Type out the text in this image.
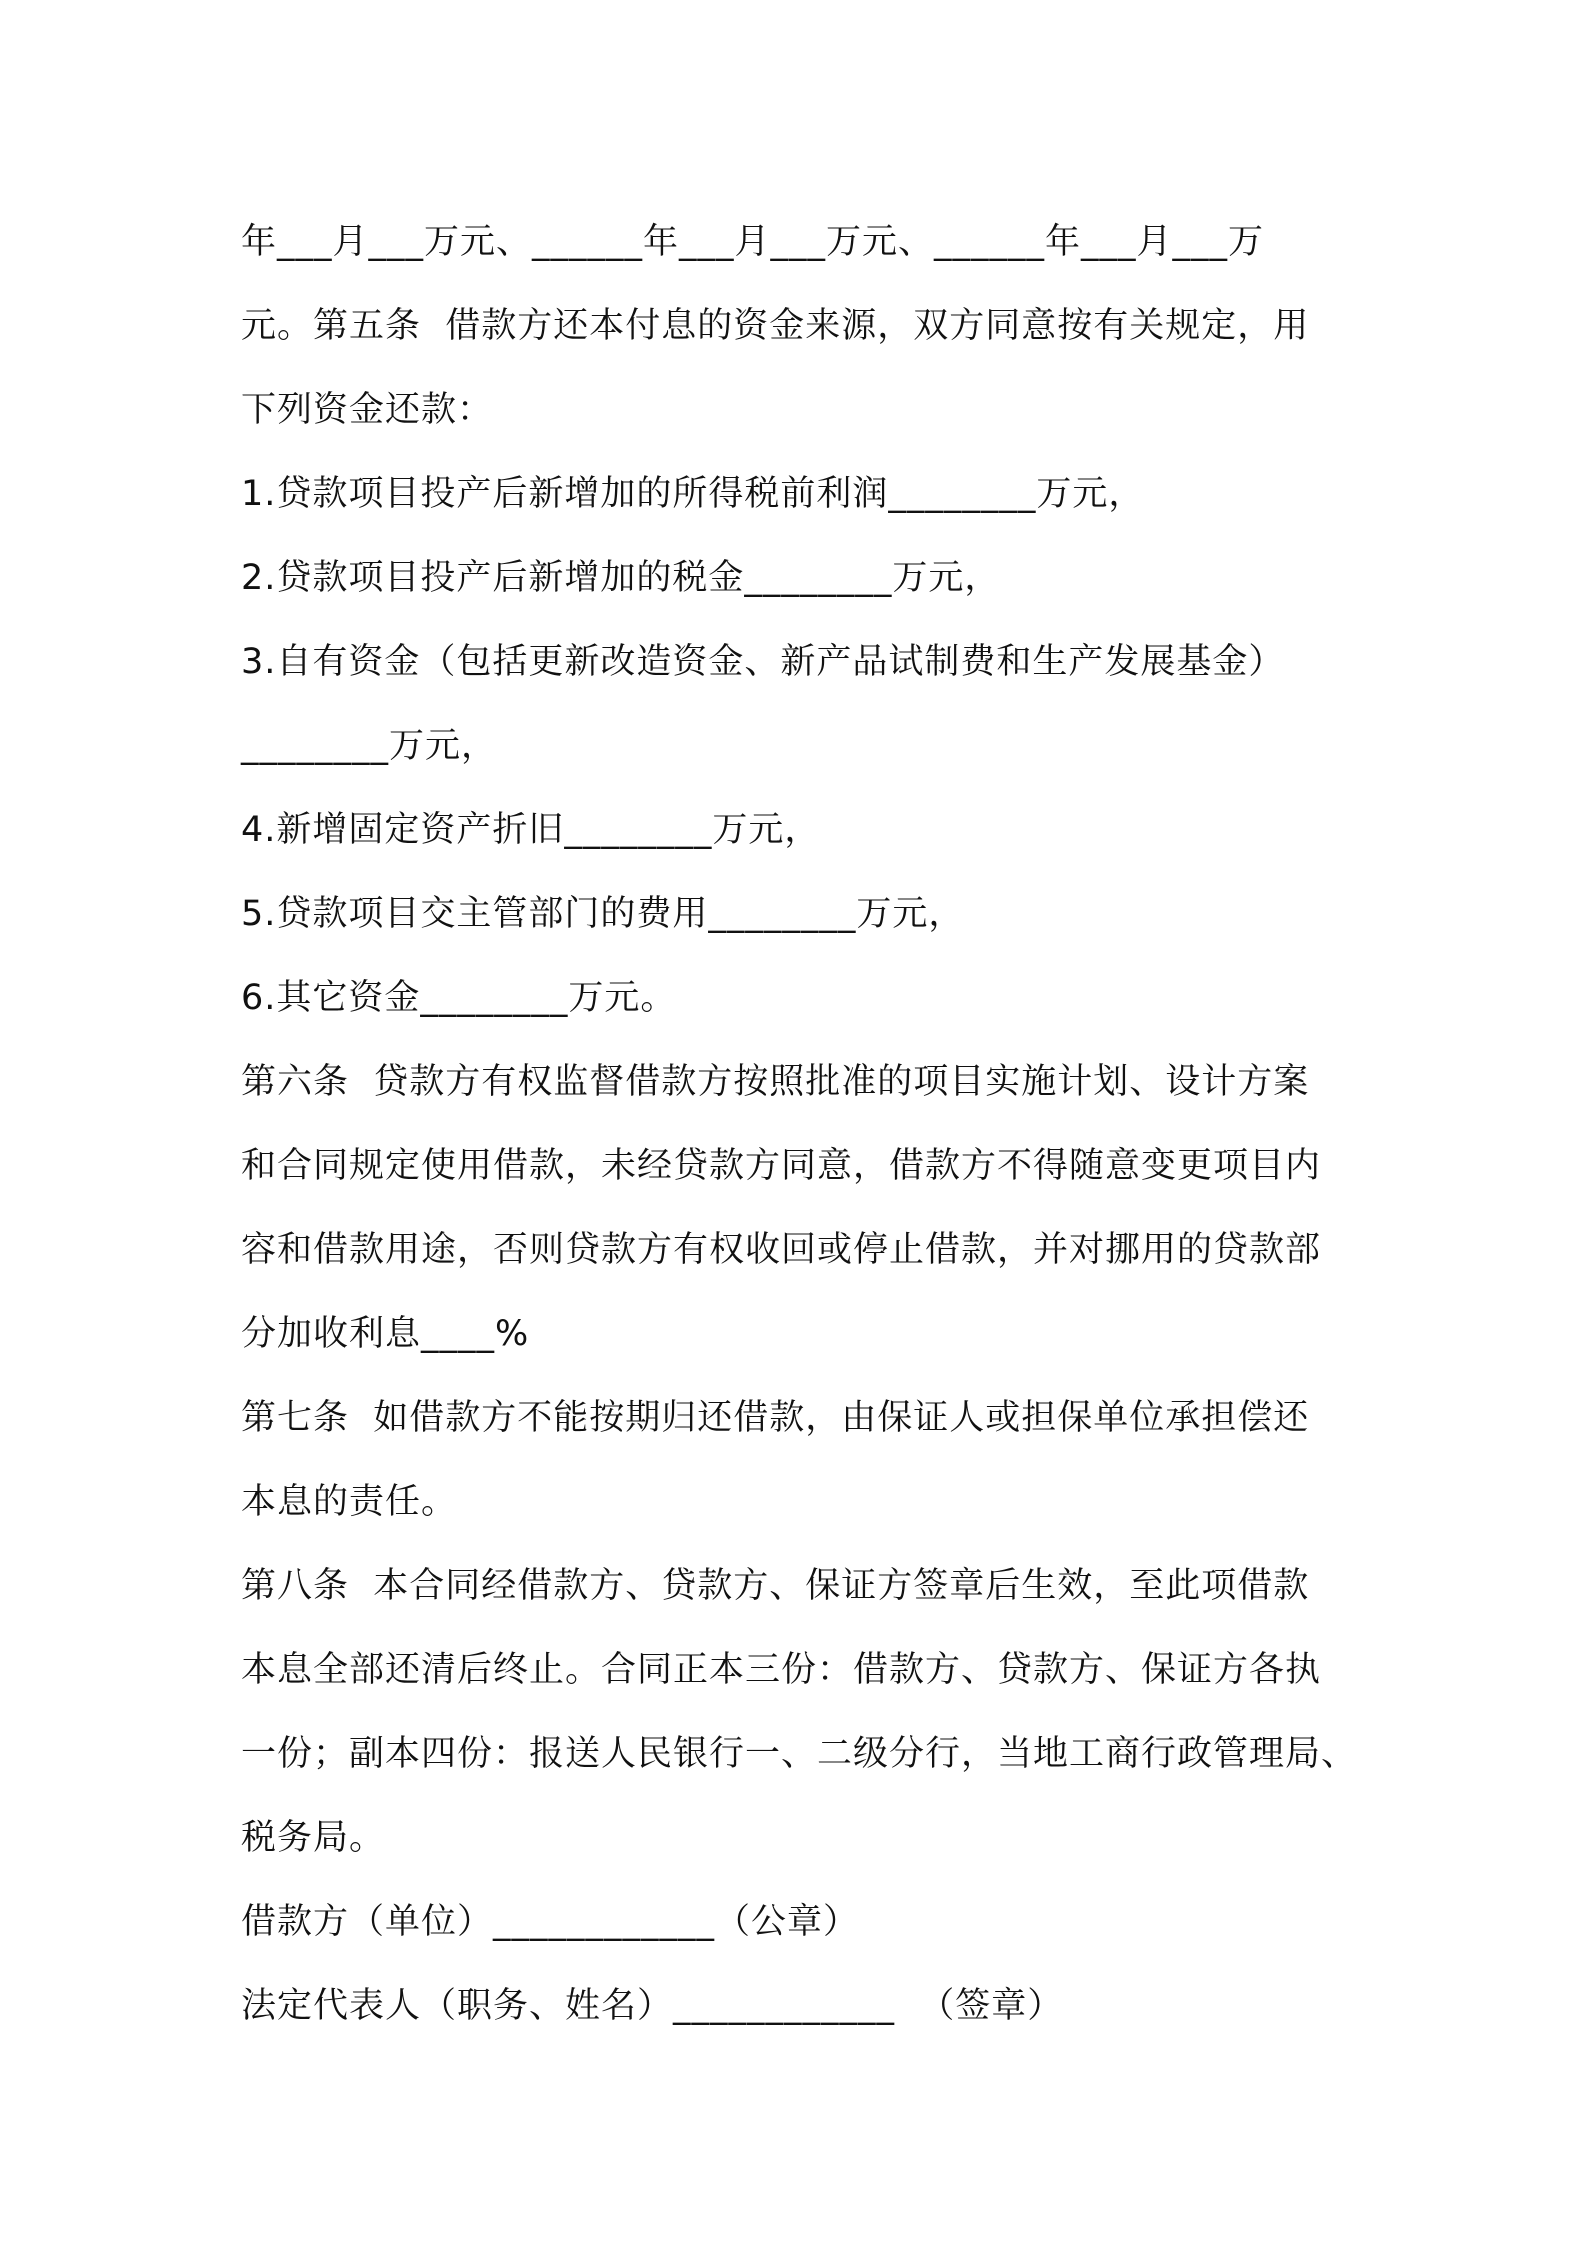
年___月___万元、______年___月___万元、______年___月___万
元。第五条  借款方还本付息的资金来源，双方同意按有关规定，用
下列资金还款：
1.贷款项目投产后新增加的所得税前利润________万元，
2.贷款项目投产后新增加的税金________万元，
3.自有资金（包括更新改造资金、新产品试制费和生产发展基金）
________万元，
4.新增固定资产折旧________万元，
5.贷款项目交主管部门的费用________万元，
6.其它资金________万元。
第六条  贷款方有权监督借款方按照批准的项目实施计划、设计方案
和合同规定使用借款，未经贷款方同意，借款方不得随意变更项目内
容和借款用途，否则贷款方有权收回或停止借款，并对挪用的贷款部
分加收利息____%
第七条  如借款方不能按期归还借款，由保证人或担保单位承担偿还
本息的责任。
第八条  本合同经借款方、贷款方、保证方签章后生效，至此项借款
本息全部还清后终止。合同正本三份：借款方、贷款方、保证方各执
一份；副本四份：报送人民银行一、二级分行，当地工商行政管理局、
税务局。
借款方（单位）____________（公章）
法定代表人（职务、姓名）____________  （签章）
